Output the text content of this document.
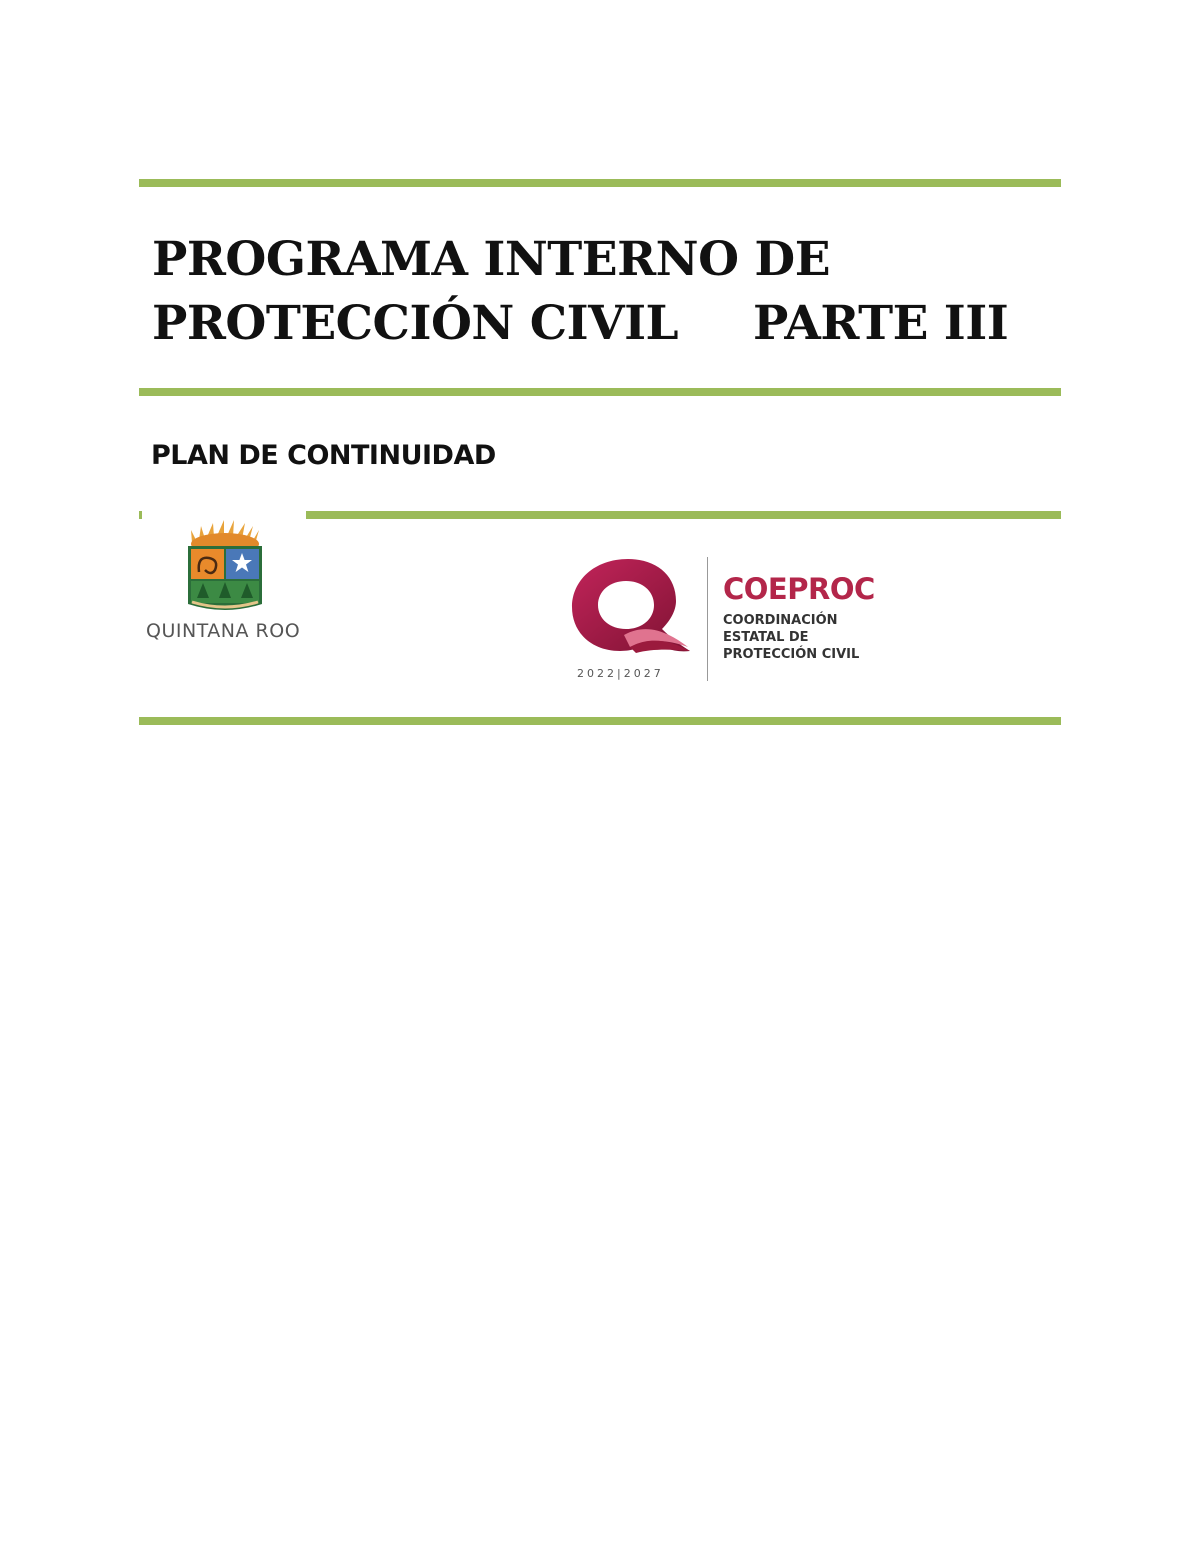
PROGRAMA INTERNO DE
PROTECCIÓN CIVIL PARTE III
PLAN DE CONTINUIDAD
QUINTANA ROO
2022|2027
COEPROC
COORDINACIÓN
ESTATAL DE
PROTECCIÓN CIVIL
